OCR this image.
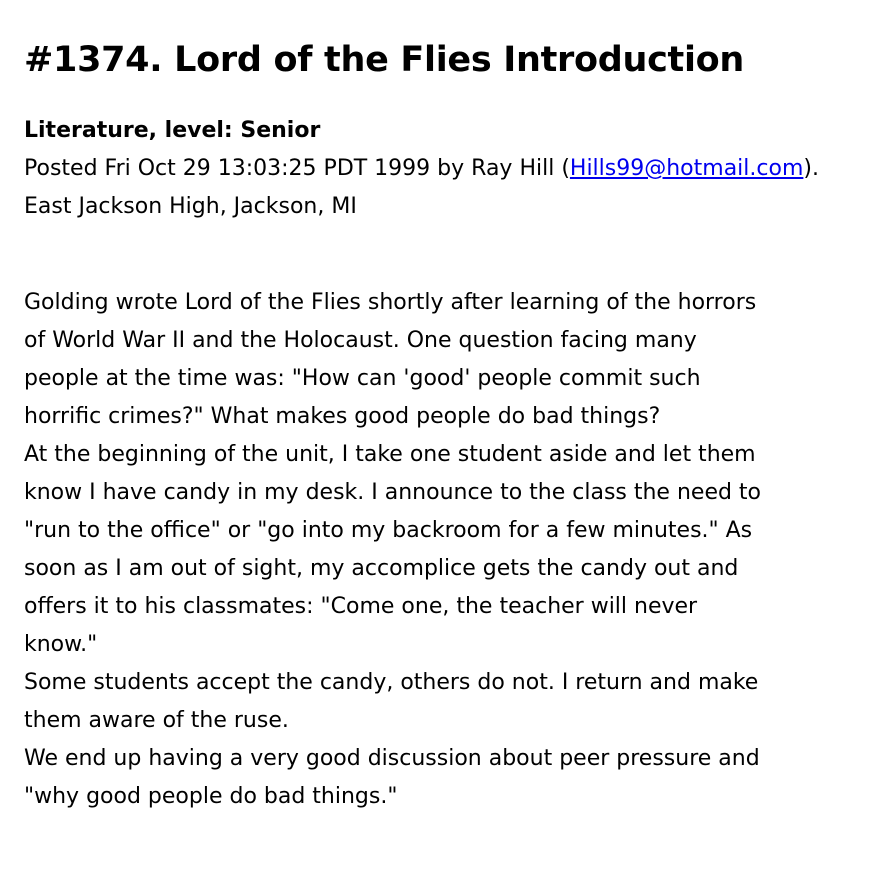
#1374. Lord of the Flies Introduction
Literature, level: Senior
Posted Fri Oct 29 13:03:25 PDT 1999 by Ray Hill (Hills99@hotmail.com).
East Jackson High, Jackson, MI
Golding wrote Lord of the Flies shortly after learning of the horrors
of World War II and the Holocaust. One question facing many
people at the time was: "How can 'good' people commit such
horrific crimes?" What makes good people do bad things?
At the beginning of the unit, I take one student aside and let them
know I have candy in my desk. I announce to the class the need to
"run to the office" or "go into my backroom for a few minutes." As
soon as I am out of sight, my accomplice gets the candy out and
offers it to his classmates: "Come one, the teacher will never
know."
Some students accept the candy, others do not. I return and make
them aware of the ruse.
We end up having a very good discussion about peer pressure and
"why good people do bad things."
